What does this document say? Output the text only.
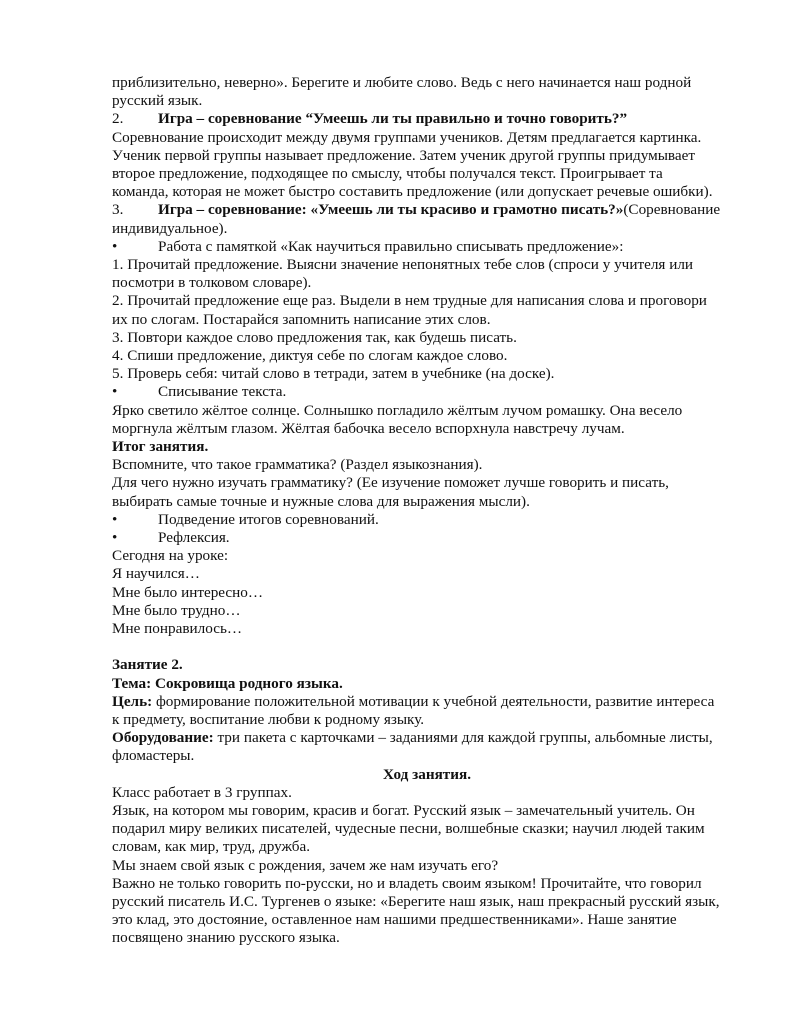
приблизительно, неверно». Берегите и любите слово. Ведь с него начинается наш родной

русский язык.

2. Игра – соревнование “Умеешь ли ты правильно и точно говорить?”

Соревнование происходит между двумя группами учеников. Детям предлагается картинка.

Ученик первой группы называет предложение. Затем ученик другой группы придумывает

второе предложение, подходящее по смыслу, чтобы получался текст. Проигрывает та

команда, которая не может быстро составить предложение (или допускает речевые ошибки).

3. Игра – соревнование: «Умеешь ли ты красиво и грамотно писать?»(Соревнование

индивидуальное).

•	Работа с памяткой «Как научиться правильно списывать предложение»:

1. Прочитай предложение. Выясни значение непонятных тебе слов (спроси у учителя или

посмотри в толковом словаре).

2. Прочитай предложение еще раз. Выдели в нем трудные для написания слова и проговори

их по слогам. Постарайся запомнить написание этих слов.

3. Повтори каждое слово предложения так, как будешь писать.

4. Спиши предложение, диктуя себе по слогам каждое слово.

5. Проверь себя: читай слово в тетради, затем в учебнике (на доске).

•	Списывание текста.

Ярко светило жёлтое солнце. Солнышко погладило жёлтым лучом ромашку. Она весело

моргнула жёлтым глазом. Жёлтая бабочка весело вспорхнула навстречу лучам.

Итог занятия.

Вспомните, что такое грамматика? (Раздел языкознания).

Для чего нужно изучать грамматику? (Ее изучение поможет лучше говорить и писать,

выбирать самые точные и нужные слова для выражения мысли).

•	Подведение итогов соревнований.

•	Рефлексия.

Сегодня на уроке:

Я научился…

Мне было интересно…

Мне было трудно…

Мне понравилось…

Занятие 2.

Тема: Сокровища родного языка.

Цель: формирование положительной мотивации к учебной деятельности, развитие интереса

к предмету, воспитание любви к родному языку.

Оборудование: три пакета с карточками – заданиями для каждой группы, альбомные листы,

фломастеры.

Ход занятия.

Класс работает в 3 группах.

Язык, на котором мы говорим, красив и богат. Русский язык – замечательный учитель. Он

подарил миру великих писателей, чудесные песни, волшебные сказки; научил людей таким

словам, как мир, труд, дружба.

Мы знаем свой язык с рождения, зачем же нам изучать его?

Важно не только говорить по-русски, но и владеть своим языком! Прочитайте, что говорил

русский писатель И.С. Тургенев о языке: «Берегите наш язык, наш прекрасный русский язык,

это клад, это достояние, оставленное нам нашими предшественниками». Наше занятие

посвящено знанию русского языка.
